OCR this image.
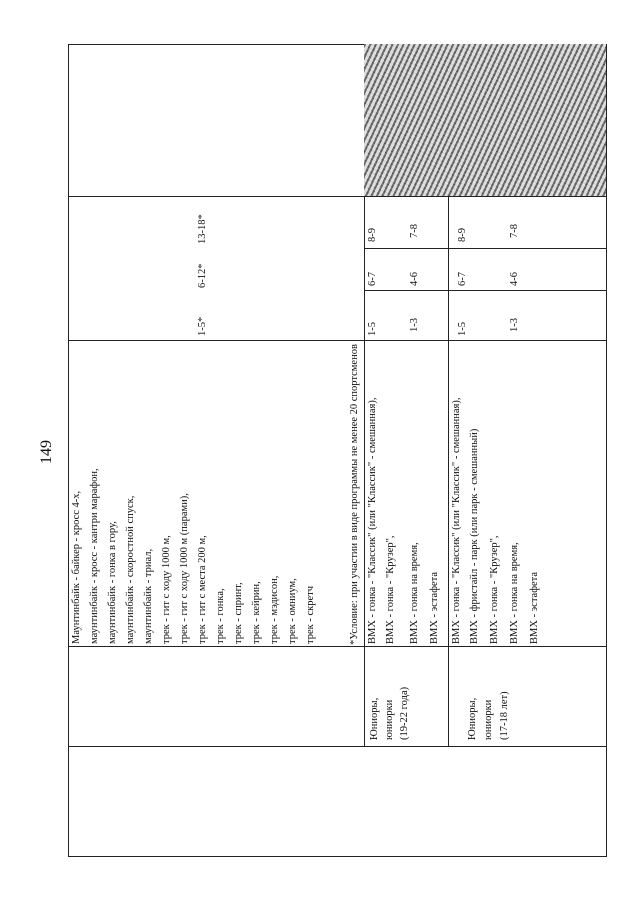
149
Маунтинбайк - байкер - кросс 4-х, маунтинбайк - кросс - кантри марафон, маунтинбайк - гонка в гору, маунтинбайк - скоростной спуск, маунтинбайк - триал, трек - гит с ходу 1000 м, трек - гит с ходу 1000 м (парами), трек - гит с места 200 м, трек - гонка, трек - спринт, трек - кейрин, трек - мэдисон, трек - омниум, трек - скретч
1-5*
6-12*
13-18*
*Условие: при участии в виде программы не менее 20 спортсменов
Юниоры, юниорки (19-22 года)
ВМХ - гонка - "Классик" (или "Классик" - смешанная), ВМХ - гонка - "Крузер", ВМХ - гонка на время, ВМХ - эстафета
1-5
6-7
8-9
1-3
4-6
7-8
Юниоры, юниорки (17-18 лет)
ВМХ - гонка - "Классик" (или "Классик" - смешанная), ВМХ - фристайл - парк (или парк - смешанный) ВМХ - гонка - "Крузер", ВМХ - гонка на время, ВМХ - эстафета
1-5
6-7
8-9
1-3
4-6
7-8
